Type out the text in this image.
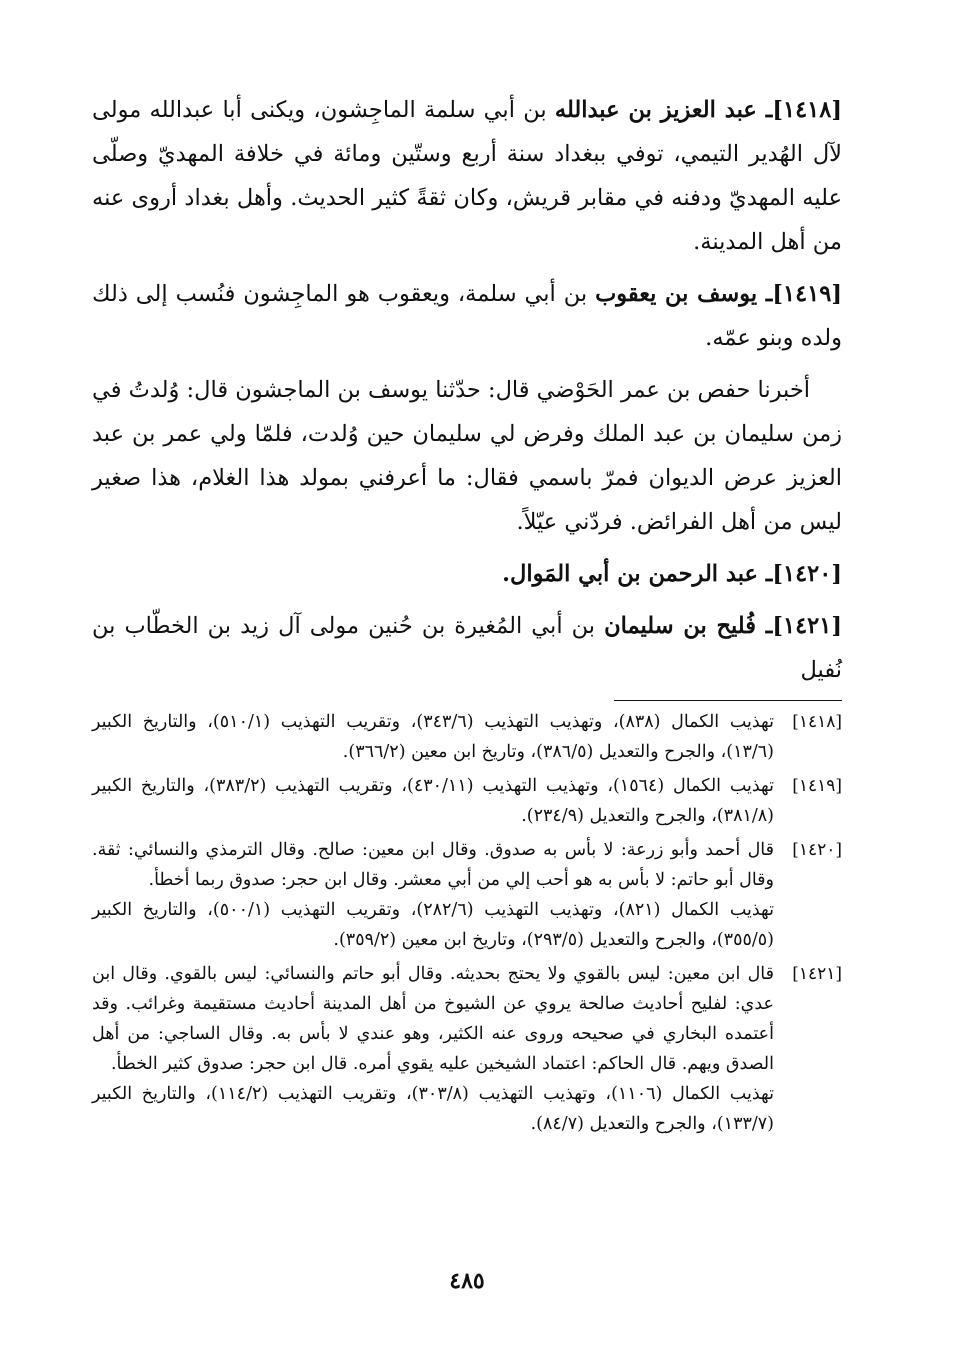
[١٤١٨]ـ عبد العزيز بن عبدالله بن أبي سلمة الماجِشون، ويكنى أبا عبدالله مولى لآل الهُدير التيمي، توفي ببغداد سنة أربع وستّين ومائة في خلافة المهديّ وصلّى عليه المهديّ ودفنه في مقابر قريش، وكان ثقةً كثير الحديث. وأهل بغداد أروى عنه من أهل المدينة.

[١٤١٩]ـ يوسف بن يعقوب بن أبي سلمة، ويعقوب هو الماجِشون فنُسب إلى ذلك ولده وبنو عمّه.

أخبرنا حفص بن عمر الحَوْضي قال: حدّثنا يوسف بن الماجشون قال: وُلدتُ في زمن سليمان بن عبد الملك وفرض لي سليمان حين وُلدت، فلمّا ولي عمر بن عبد العزيز عرض الديوان فمرّ باسمي فقال: ما أعرفني بمولد هذا الغلام، هذا صغير ليس من أهل الفرائض. فردّني عيّلاً.

[١٤٢٠]ـ عبد الرحمن بن أبي المَوال.

[١٤٢١]ـ فُليح بن سليمان بن أبي المُغيرة بن حُنين مولى آل زيد بن الخطّاب بن نُفيل

[١٤١٨]

تهذيب الكمال (٨٣٨)، وتهذيب التهذيب (٣٤٣/٦)، وتقريب التهذيب (٥١٠/١)، والتاريخ الكبير (١٣/٦)، والجرح والتعديل (٣٨٦/٥)، وتاريخ ابن معين (٣٦٦/٢).

[١٤١٩]

تهذيب الكمال (١٥٦٤)، وتهذيب التهذيب (٤٣٠/١١)، وتقريب التهذيب (٣٨٣/٢)، والتاريخ الكبير (٣٨١/٨)، والجرح والتعديل (٢٣٤/٩).

[١٤٢٠]

قال أحمد وأبو زرعة: لا بأس به صدوق. وقال ابن معين: صالح. وقال الترمذي والنسائي: ثقة. وقال أبو حاتم: لا بأس به هو أحب إلي من أبي معشر. وقال ابن حجر: صدوق ربما أخطأ.

تهذيب الكمال (٨٢١)، وتهذيب التهذيب (٢٨٢/٦)، وتقريب التهذيب (٥٠٠/١)، والتاريخ الكبير (٣٥٥/٥)، والجرح والتعديل (٢٩٣/٥)، وتاريخ ابن معين (٣٥٩/٢).

[١٤٢١]

قال ابن معين: ليس بالقوي ولا يحتج بحديثه. وقال أبو حاتم والنسائي: ليس بالقوي. وقال ابن عدي: لفليح أحاديث صالحة يروي عن الشيوخ من أهل المدينة أحاديث مستقيمة وغرائب. وقد أعتمده البخاري في صحيحه وروى عنه الكثير، وهو عندي لا بأس به. وقال الساجي: من أهل الصدق ويهم. قال الحاكم: اعتماد الشيخين عليه يقوي أمره. قال ابن حجر: صدوق كثير الخطأ.

تهذيب الكمال (١١٠٦)، وتهذيب التهذيب (٣٠٣/٨)، وتقريب التهذيب (١١٤/٢)، والتاريخ الكبير (١٣٣/٧)، والجرح والتعديل (٨٤/٧).

٤٨٥
